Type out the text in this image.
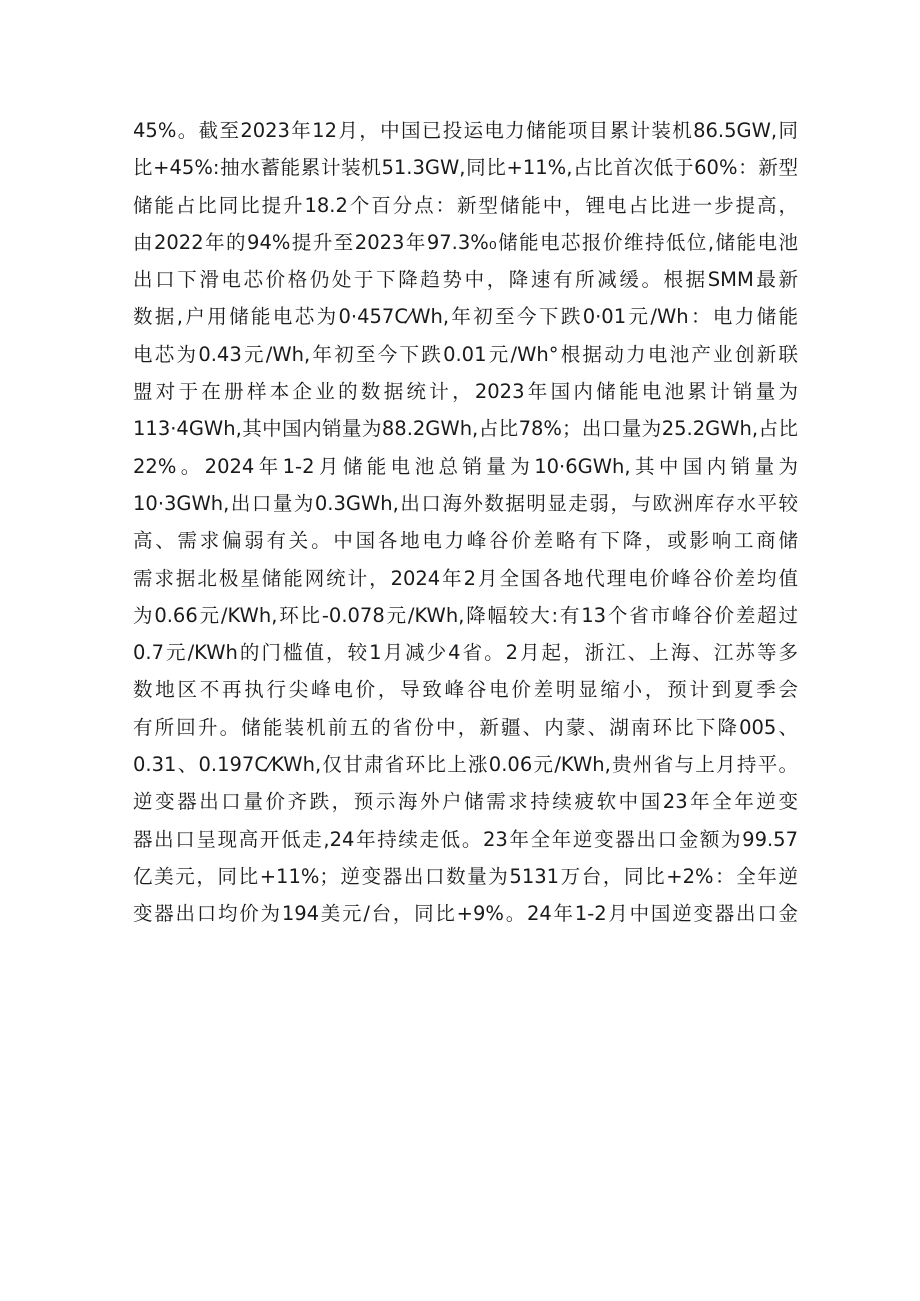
45%。截至2023年12月，中国已投运电力储能项目累计装机86.5GW,同
比+45%:抽水蓄能累计装机51.3GW,同比+11%,占比首次低于60%：新型
储能占比同比提升18.2个百分点：新型储能中，锂电占比进一步提高，
由2022年的94%提升至2023年97.3%₀储能电芯报价维持低位,储能电池
出口下滑电芯价格仍处于下降趋势中，降速有所减缓。根据SMM最新
数据,户用储能电芯为0·457C⁄Wh,年初至今下跌0·01元/Wh：电力储能
电芯为0.43元/Wh,年初至今下跌0.01元/Wh°根据动力电池产业创新联
盟对于在册样本企业的数据统计，2023年国内储能电池累计销量为
113·4GWh,其中国内销量为88.2GWh,占比78%；出口量为25.2GWh,占比
22%。2024年1-2月储能电池总销量为10·6GWh,其中国内销量为
10·3GWh,出口量为0.3GWh,出口海外数据明显走弱，与欧洲库存水平较
高、需求偏弱有关。中国各地电力峰谷价差略有下降，或影响工商储
需求据北极星储能网统计，2024年2月全国各地代理电价峰谷价差均值
为0.66元/KWh,环比-0.078元/KWh,降幅较大:有13个省市峰谷价差超过
0.7元/KWh的门槛值，较1月减少4省。2月起，浙江、上海、江苏等多
数地区不再执行尖峰电价，导致峰谷电价差明显缩小，预计到夏季会
有所回升。储能装机前五的省份中，新疆、内蒙、湖南环比下降005、
0.31、0.197C⁄KWh,仅甘肃省环比上涨0.06元/KWh,贵州省与上月持平。
逆变器出口量价齐跌，预示海外户储需求持续疲软中国23年全年逆变
器出口呈现高开低走,24年持续走低。23年全年逆变器出口金额为99.57
亿美元，同比+11%；逆变器出口数量为5131万台，同比+2%：全年逆
变器出口均价为194美元/台，同比+9%。24年1-2月中国逆变器出口金
